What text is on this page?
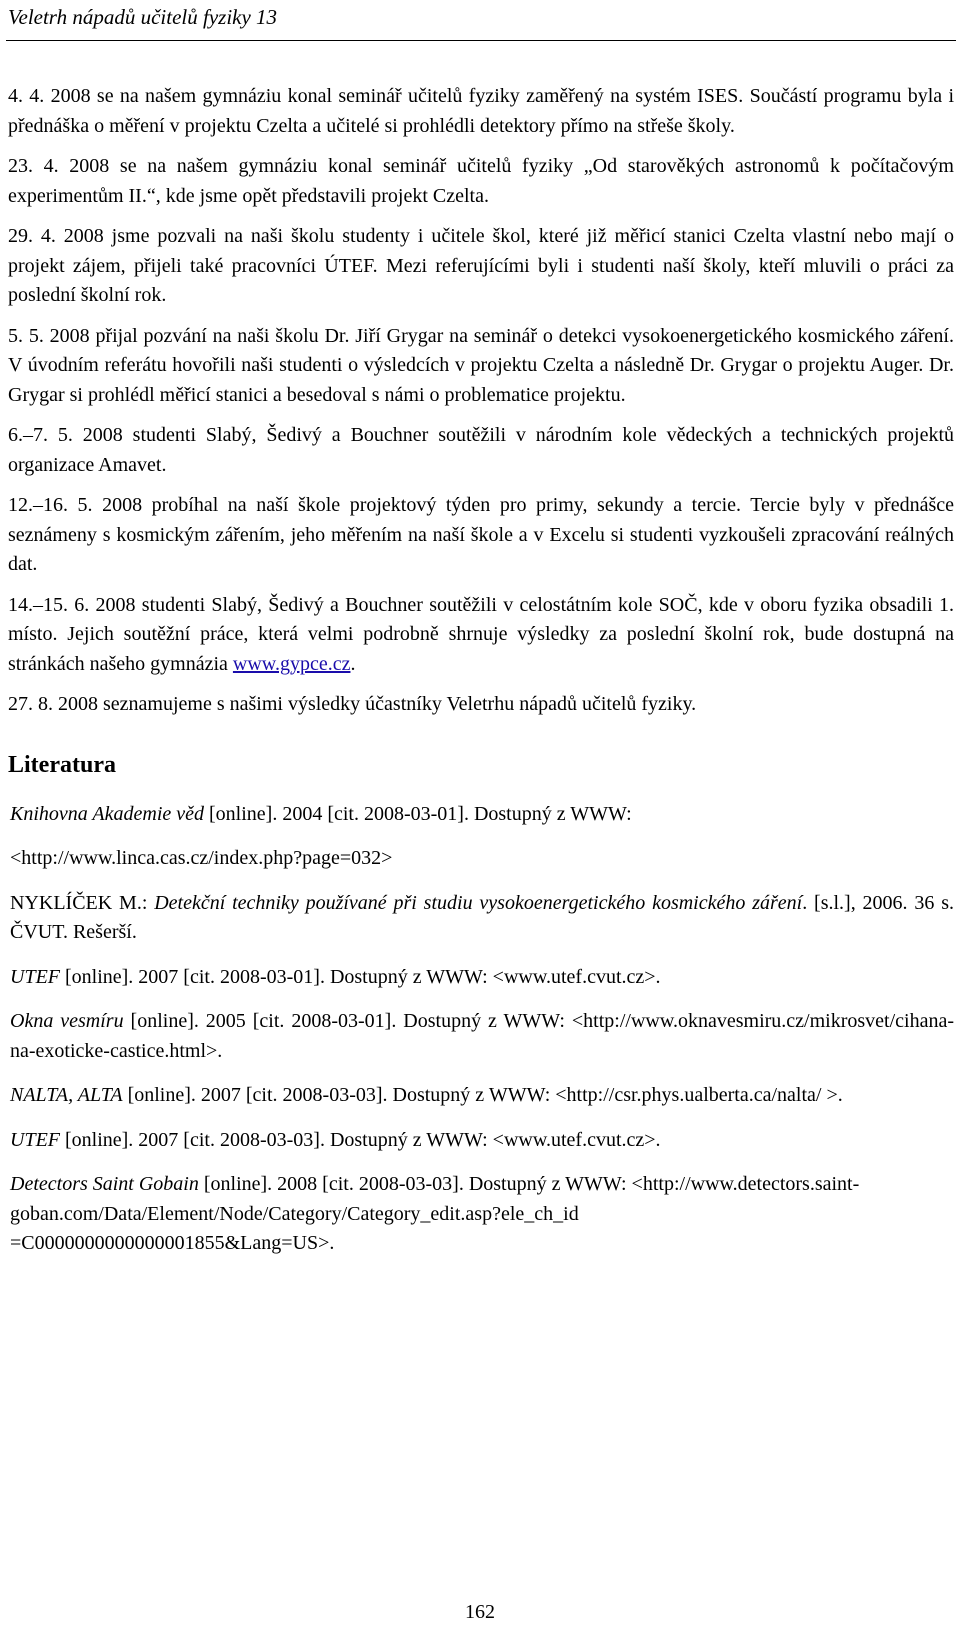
Veletrh nápadů učitelů fyziky 13

4. 4. 2008 se na našem gymnáziu konal seminář učitelů fyziky zaměřený na systém ISES. Součástí programu byla i přednáška o měření v projektu Czelta a učitelé si prohlédli detektory přímo na střeše školy.

23. 4. 2008 se na našem gymnáziu konal seminář učitelů fyziky „Od starověkých astronomů k počítačovým experimentům II.“, kde jsme opět představili projekt Czelta.

29. 4. 2008 jsme pozvali na naši školu studenty i učitele škol, které již měřicí stanici Czelta vlastní nebo mají o projekt zájem, přijeli také pracovníci ÚTEF. Mezi referujícími byli i studenti naší školy, kteří mluvili o práci za poslední školní rok.

5. 5. 2008 přijal pozvání na naši školu Dr. Jiří Grygar na seminář o detekci vysokoenergetického kosmického záření. V úvodním referátu hovořili naši studenti o výsledcích v projektu Czelta a následně Dr. Grygar o projektu Auger. Dr. Grygar si prohlédl měřicí stanici a besedoval s námi o problematice projektu.

6.–7. 5. 2008 studenti Slabý, Šedivý a Bouchner soutěžili v národním kole vědeckých a technických projektů organizace Amavet.

12.–16. 5. 2008 probíhal na naší škole projektový týden pro primy, sekundy a tercie. Tercie byly v přednášce seznámeny s kosmickým zářením, jeho měřením na naší škole a v Excelu si studenti vyzkoušeli zpracování reálných dat.

14.–15. 6. 2008 studenti Slabý, Šedivý a Bouchner soutěžili v celostátním kole SOČ, kde v oboru fyzika obsadili 1. místo. Jejich soutěžní práce, která velmi podrobně shrnuje výsledky za poslední školní rok, bude dostupná na stránkách našeho gymnázia www.gypce.cz.

27. 8. 2008 seznamujeme s našimi výsledky účastníky Veletrhu nápadů učitelů fyziky.

Literatura
Knihovna Akademie věd [online]. 2004 [cit. 2008-03-01]. Dostupný z WWW:
<http://www.linca.cas.cz/index.php?page=032>
NYKLÍČEK M.: Detekční techniky používané při studiu vysokoenergetického kosmického záření. [s.l.], 2006. 36 s. ČVUT. Rešerší.
UTEF [online]. 2007 [cit. 2008-03-01]. Dostupný z WWW: <www.utef.cvut.cz>.
Okna vesmíru [online]. 2005 [cit. 2008-03-01]. Dostupný z WWW: <http://www.oknavesmiru.cz/mikrosvet/cihana-na-exoticke-castice.html>.
NALTA, ALTA [online]. 2007 [cit. 2008-03-03]. Dostupný z WWW: <http://csr.phys.ualberta.ca/nalta/ >.
UTEF [online]. 2007 [cit. 2008-03-03]. Dostupný z WWW: <www.utef.cvut.cz>.
Detectors Saint Gobain [online]. 2008 [cit. 2008-03-03]. Dostupný z WWW: <http://www.detectors.saint-
goban.com/Data/Element/Node/Category/Category_edit.asp?ele_ch_id
=C0000000000000001855&Lang=US>.
162
